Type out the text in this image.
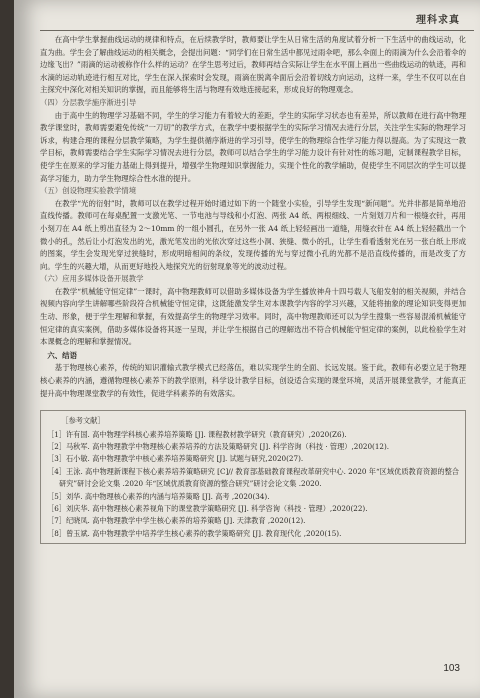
理科求真

在高中学生掌握曲线运动的规律和特点，在后续教学时，教师要让学生从日常生活的角度试着分析一下生活中的曲线运动，化直为曲。学生会了解曲线运动的相关概念，会提出问题：“同学们在日常生活中都见过雨伞吧，那么伞面上的雨滴为什么会沿着伞的边缘飞出？”雨滴的运动被称作什么样的运动？在学生思考过后，教师再结合实际让学生在水平面上画出一些曲线运动的轨迹，再和水滴的运动轨迹进行相互对比，学生在深入探索时会发现，雨滴在脱离伞面后会沿着切线方向运动，这样一来，学生不仅可以在自主探究中深化对相关知识的掌握，而且能够将生活与物理有效地连接起来，形成良好的物理观念。

（四）分层教学施序渐进引导

由于高中生的物理学习基础不同，学生的学习能力有着较大的差距，学生的实际学习状态也有差异，所以教师在进行高中物理教学课堂时，教师需要避免传统“一刀切”的教学方式，在教学中要根据学生的实际学习情况去进行分层，关注学生实际的物理学习诉求，构建合理的课程分层教学策略，为学生提供循序渐进的学习引导，使学生的物理综合性学习能力得以提高。为了实现这一教学目标，教师需要结合学生实际学习情况去进行分层，教师可以结合学生的学习能力设计有针对性的练习题，定制课程教学目标，使学生在原来的学习能力基础上得到提升，增强学生物理知识掌握能力，实现个性化的教学辅助，促使学生不同层次的学生可以提高学习能力，助力学生物理综合性水准的提升。

（五）创设物理实验教学情境

在教学“光的衍射”时，教师可以在教学过程开始时通过如下的一个随堂小实验，引导学生发现“新问题”。光并非都是简单地沿直线传播。教师可在每桌配置一支激光笔、一节电池与导线和小灯泡、两张 A4 纸、两根细线、一片刻划刀片和一根缝衣针，再用小刻刀在 A4 纸上剪出直径为 2～10mm 的一组小圆孔，在另外一张 A4 纸上轻轻画出一道缝，用缝衣针在 A4 纸上轻轻戳出一个微小的孔，然后让小灯泡发出的光，激光笔发出的光依次穿过这些小洞、狭缝、微小的孔，让学生看看透射光在另一张白纸上形成的图案，学生会发现光穿过狭缝时，形成明暗相间的条纹，发现传播的光与穿过微小孔的光都不是沿直线传播的，而是改变了方向。学生的兴趣大增，从而更好地投入地探究光的衍射现象等光的波动过程。

（六）应用多媒体设备开展教学

在教学“机械能守恒定律”一课时，高中物理教师可以借助多媒体设备为学生播放神舟十四号载人飞船发射的相关视频，并结合视频内容向学生讲解哪些阶段符合机械能守恒定律，这既能激发学生对本课教学内容的学习兴趣，又能将抽象的理论知识变得更加生动、形象，便于学生理解和掌握，有效提高学生的物理学习效率。同时，高中物理教师还可以为学生搜集一些容易混淆机械能守恒定律的真实案例，借助多媒体设备将其逐一呈现，并让学生根据自己的理解选出不符合机械能守恒定律的案例，以此检验学生对本课概念的理解和掌握情况。

六、结语

基于物理核心素养，传统的知识灌输式教学模式已经落伍，难以实现学生的全面、长远发展。鉴于此，教师有必要立足于物理核心素养的内涵，遵循物理核心素养下的教学原则，科学设计教学目标，创设适合实现的课堂环境，灵活开展课堂教学，才能真正提升高中物理课堂教学的有效性，促进学科素养的有效落实。

［参考文献］

［1］许有国. 高中物理学科核心素养培养策略 [J]. 课程教材教学研究（教育研究）,2020(Z6).

［2］马秋军. 高中物理教学中物理核心素养培养的方法及策略研究 [J]. 科学咨询（科技 · 管理）,2020(12).

［3］石小敏. 高中物理教学中核心素养培养策略研究 [J]. 试题与研究,2020(27).

［4］王泳. 高中物理新课程下核心素养培养策略研究 [C]// 教育部基础教育课程改革研究中心. 2020 年“区域优质教育资源的整合研究”研讨会论文集 .2020 年“区域优质教育资源的整合研究”研讨会论文集 .2020.

［5］刘华. 高中物理核心素养的内涵与培养策略 [J]. 高考 ,2020(34).

［6］刘庆华. 高中物理核心素养视角下的课堂教学策略研究 [J]. 科学咨询（科技 · 管理）,2020(22).

［7］纪晓凤. 高中物理教学中学生核心素养的培养策略 [J]. 天津教育 ,2020(12).

［8］曾玉斌. 高中物理教学中培养学生核心素养的教学策略研究 [J]. 教育现代化 ,2020(15).

103
